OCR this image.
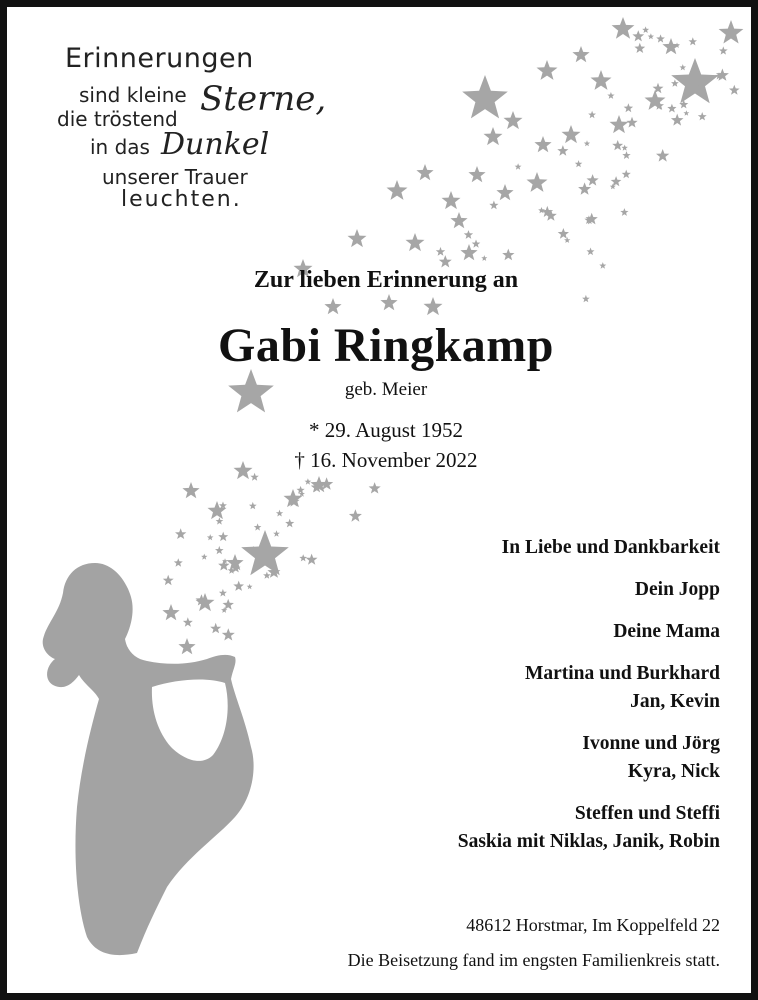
Erinnerungen
sind kleine Sterne,
die tröstend
in das Dunkel
unserer Trauer
leuchten.
Zur lieben Erinnerung an
Gabi Ringkamp
geb. Meier
* 29. August 1952
† 16. November 2022
In Liebe und Dankbarkeit
Dein Jopp
Deine Mama
Martina und Burkhard
Jan, Kevin
Ivonne und Jörg
Kyra, Nick
Steffen und Steffi
Saskia mit Niklas, Janik, Robin
48612 Horstmar, Im Koppelfeld 22
Die Beisetzung fand im engsten Familienkreis statt.
